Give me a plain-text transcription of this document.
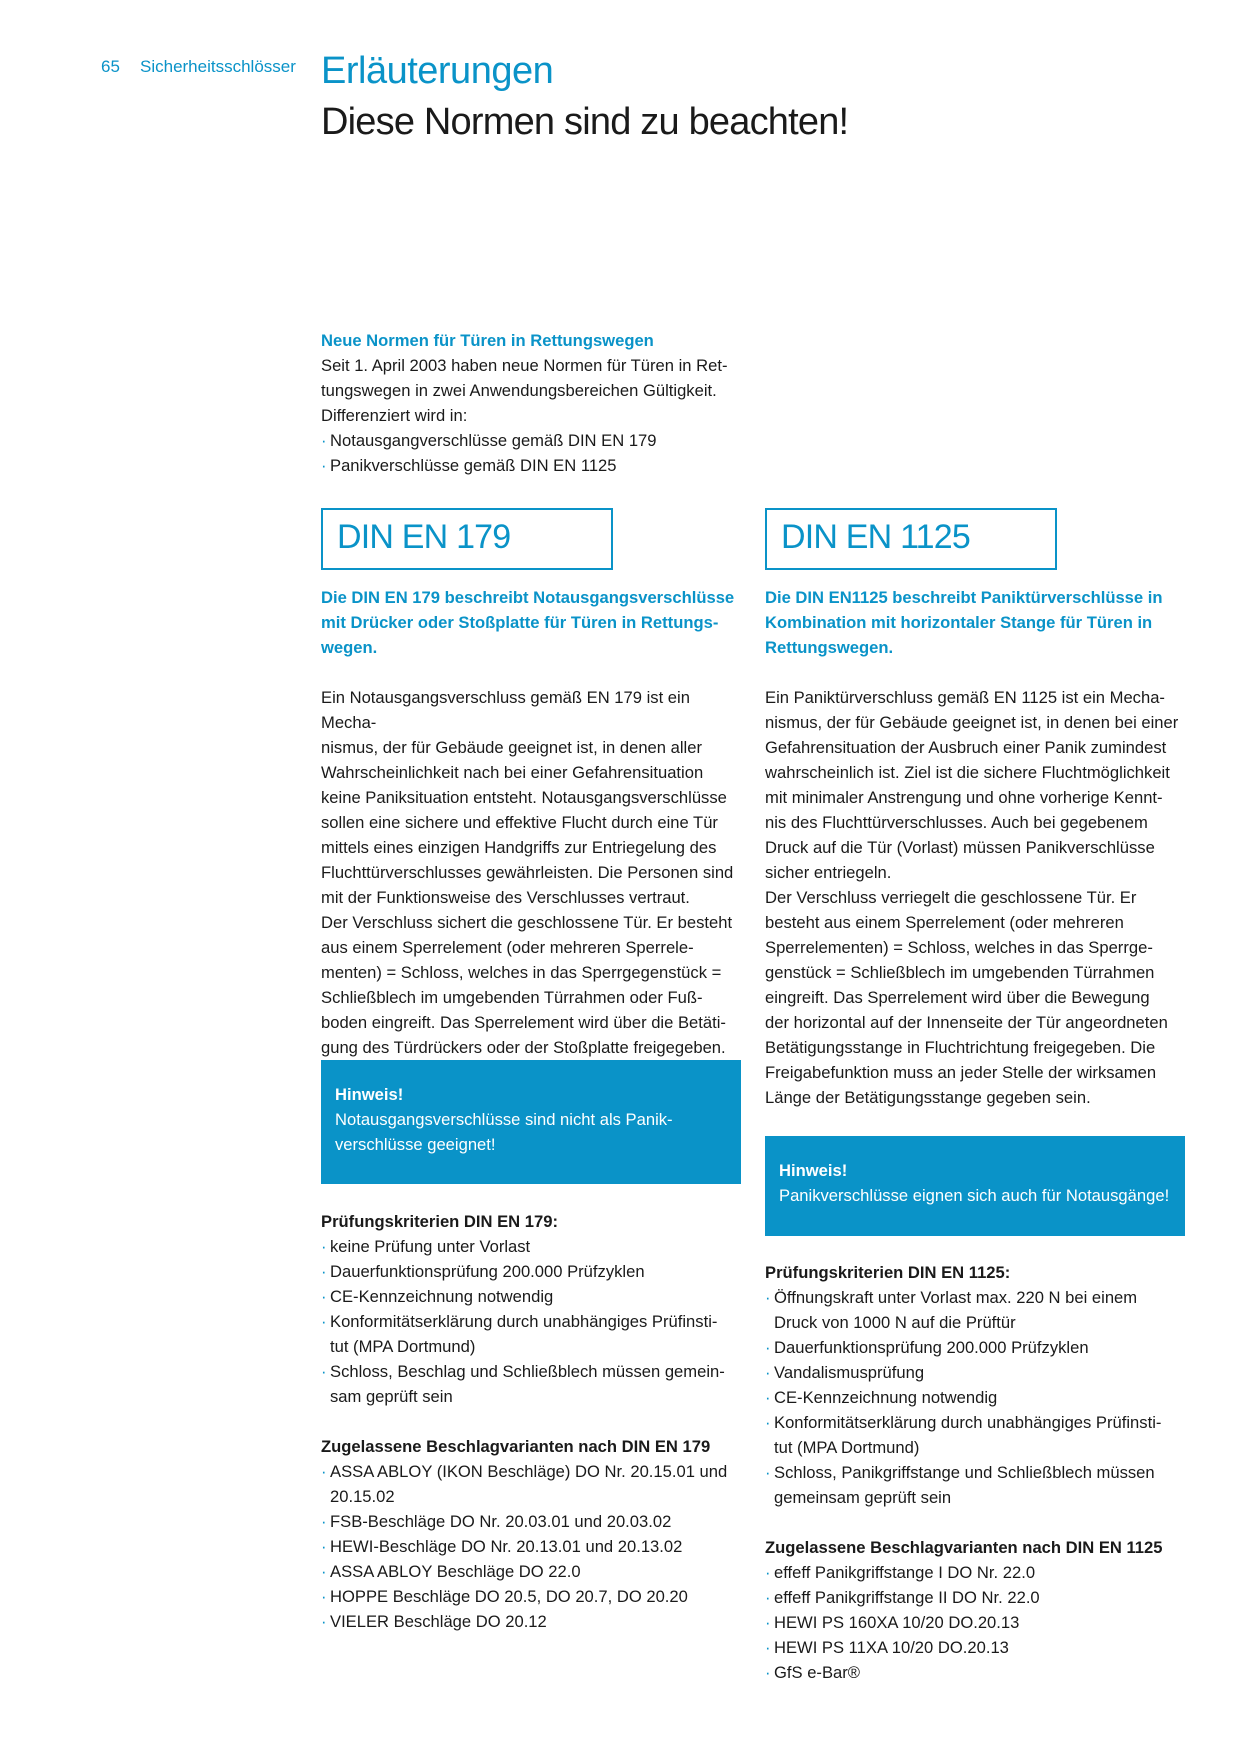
65 Sicherheitsschlösser Erläuterungen
Diese Normen sind zu beachten!

Neue Normen für Türen in Rettungswegen

Seit 1. April 2003 haben neue Normen für Türen in Ret-

tungswegen in zwei Anwendungsbereichen Gültigkeit.

Differenziert wird in:

· Notausgangverschlüsse gemäß DIN EN 179
· Panikverschlüsse gemäß DIN EN 1125
DIN EN 179

Die DIN EN 179 beschreibt Notausgangsverschlüsse

mit Drücker oder Stoßplatte für Türen in Rettungs-

wegen.

Ein Notausgangsverschluss gemäß EN 179 ist ein Mecha-

nismus, der für Gebäude geeignet ist, in denen aller

Wahrscheinlichkeit nach bei einer Gefahrensituation

keine Paniksituation entsteht. Notausgangsverschlüsse

sollen eine sichere und effektive Flucht durch eine Tür

mittels eines einzigen Handgriffs zur Entriegelung des

Fluchttürverschlusses gewährleisten. Die Personen sind

mit der Funktionsweise des Verschlusses vertraut.

Der Verschluss sichert die geschlossene Tür. Er besteht

aus einem Sperrelement (oder mehreren Sperrele-

menten) = Schloss, welches in das Sperrgegenstück =

Schließblech im umgebenden Türrahmen oder Fuß-

boden eingreift. Das Sperrelement wird über die Betäti-

gung des Türdrückers oder der Stoßplatte freigegeben.

Hinweis!

Notausgangsverschlüsse sind nicht als Panik-

verschlüsse geeignet!

Prüfungskriterien DIN EN 179:

· keine Prüfung unter Vorlast
· Dauerfunktionsprüfung 200.000 Prüfzyklen
· CE-Kennzeichnung notwendig
· Konformitätserklärung durch unabhängiges Prüfinsti-
tut (MPA Dortmund)
· Schloss, Beschlag und Schließblech müssen gemein-
sam geprüft sein

Zugelassene Beschlagvarianten nach DIN EN 179

· ASSA ABLOY (IKON Beschläge) DO Nr. 20.15.01 und
20.15.02
· FSB-Beschläge DO Nr. 20.03.01 und 20.03.02
· HEWI-Beschläge DO Nr. 20.13.01 und 20.13.02
· ASSA ABLOY Beschläge DO 22.0
· HOPPE Beschläge DO 20.5, DO 20.7, DO 20.20
· VIELER Beschläge DO 20.12
DIN EN 1125

Die DIN EN1125 beschreibt Paniktürverschlüsse in

Kombination mit horizontaler Stange für Türen in

Rettungswegen.

Ein Paniktürverschluss gemäß EN 1125 ist ein Mecha-

nismus, der für Gebäude geeignet ist, in denen bei einer

Gefahrensituation der Ausbruch einer Panik zumindest

wahrscheinlich ist. Ziel ist die sichere Fluchtmöglichkeit

mit minimaler Anstrengung und ohne vorherige Kennt-

nis des Fluchttürverschlusses. Auch bei gegebenem

Druck auf die Tür (Vorlast) müssen Panikverschlüsse

sicher entriegeln.

Der Verschluss verriegelt die geschlossene Tür. Er

besteht aus einem Sperrelement (oder mehreren

Sperrelementen) = Schloss, welches in das Sperrge-

genstück = Schließblech im umgebenden Türrahmen

eingreift. Das Sperrelement wird über die Bewegung

der horizontal auf der Innenseite der Tür angeordneten

Betätigungsstange in Fluchtrichtung freigegeben. Die

Freigabefunktion muss an jeder Stelle der wirksamen

Länge der Betätigungsstange gegeben sein.

Hinweis!

Panikverschlüsse eignen sich auch für Notausgänge!

Prüfungskriterien DIN EN 1125:

· Öffnungskraft unter Vorlast max. 220 N bei einem
Druck von 1000 N auf die Prüftür
· Dauerfunktionsprüfung 200.000 Prüfzyklen
· Vandalismusprüfung
· CE-Kennzeichnung notwendig
· Konformitätserklärung durch unabhängiges Prüfinsti-
tut (MPA Dortmund)
· Schloss, Panikgriffstange und Schließblech müssen
gemeinsam geprüft sein

Zugelassene Beschlagvarianten nach DIN EN 1125

· effeff Panikgriffstange I DO Nr. 22.0
· effeff Panikgriffstange II DO Nr. 22.0
· HEWI PS 160XA 10/20 DO.20.13
· HEWI PS 11XA 10/20 DO.20.13
· GfS e-Bar®
